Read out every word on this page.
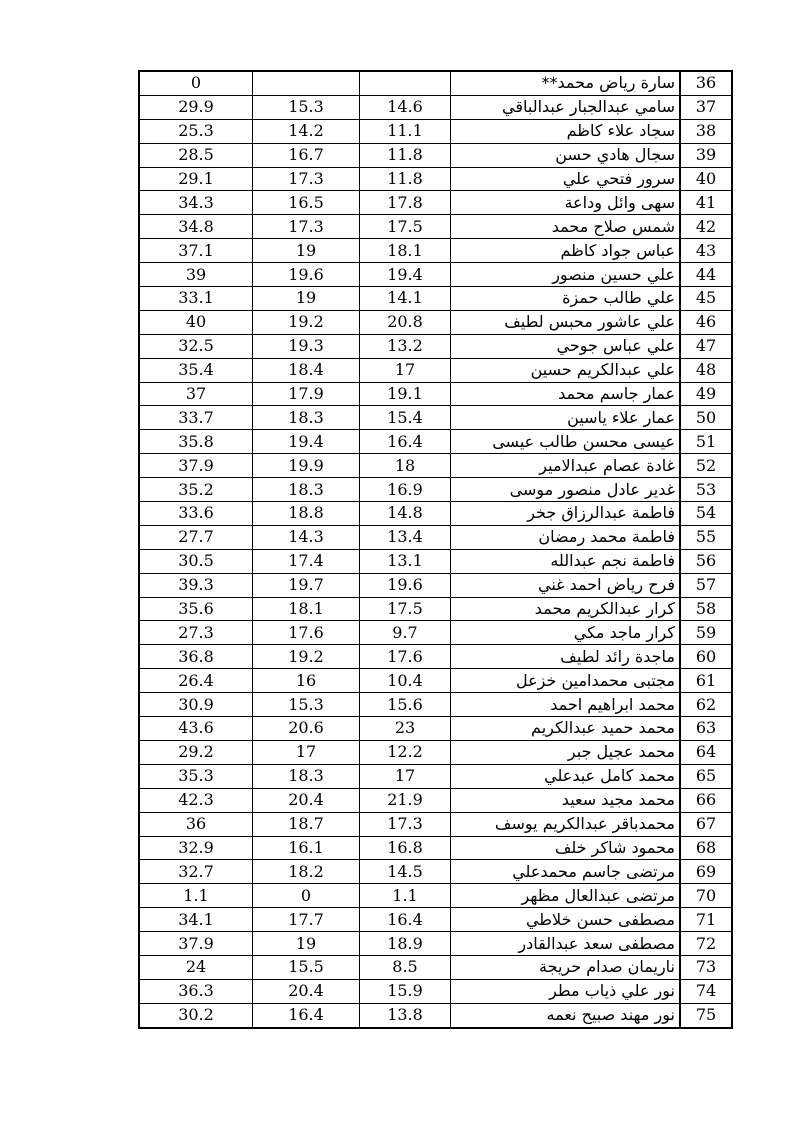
0			سارة رياض محمد**	36
29.9	15.3	14.6	سامي عبدالجبار عبدالباقي	37
25.3	14.2	11.1	سجاد علاء كاظم	38
28.5	16.7	11.8	سجال هادي حسن	39
29.1	17.3	11.8	سرور فتحي علي	40
34.3	16.5	17.8	سهى وائل وداعة	41
34.8	17.3	17.5	شمس صلاح محمد	42
37.1	19	18.1	عباس جواد كاظم	43
39	19.6	19.4	علي حسين منصور	44
33.1	19	14.1	علي طالب حمزة	45
40	19.2	20.8	علي عاشور محبس لطيف	46
32.5	19.3	13.2	علي عباس جوحي	47
35.4	18.4	17	علي عبدالكريم حسين	48
37	17.9	19.1	عمار جاسم محمد	49
33.7	18.3	15.4	عمار علاء ياسين	50
35.8	19.4	16.4	عيسى محسن طالب عيسى	51
37.9	19.9	18	غادة عصام عبدالامير	52
35.2	18.3	16.9	غدير عادل منصور موسى	53
33.6	18.8	14.8	فاطمة عبدالرزاق جخر	54
27.7	14.3	13.4	فاطمة محمد رمضان	55
30.5	17.4	13.1	فاطمة نجم عبدالله	56
39.3	19.7	19.6	فرح رياض احمد غني	57
35.6	18.1	17.5	كرار عبدالكريم محمد	58
27.3	17.6	9.7	كرار ماجد مكي	59
36.8	19.2	17.6	ماجدة رائد لطيف	60
26.4	16	10.4	مجتبى محمدامين خزعل	61
30.9	15.3	15.6	محمد ابراهيم احمد	62
43.6	20.6	23	محمد حميد عبدالكريم	63
29.2	17	12.2	محمد عجيل جبر	64
35.3	18.3	17	محمد كامل عبدعلي	65
42.3	20.4	21.9	محمد مجيد سعيد	66
36	18.7	17.3	محمدباقر عبدالكريم يوسف	67
32.9	16.1	16.8	محمود شاكر خلف	68
32.7	18.2	14.5	مرتضى جاسم محمدعلي	69
1.1	0	1.1	مرتضى عبدالعال مظهر	70
34.1	17.7	16.4	مصطفى حسن خلاطي	71
37.9	19	18.9	مصطفى سعد عبدالقادر	72
24	15.5	8.5	ناريمان صدام حريجة	73
36.3	20.4	15.9	نور علي ذياب مطر	74
30.2	16.4	13.8	نور مهند صبيح نعمه	75
